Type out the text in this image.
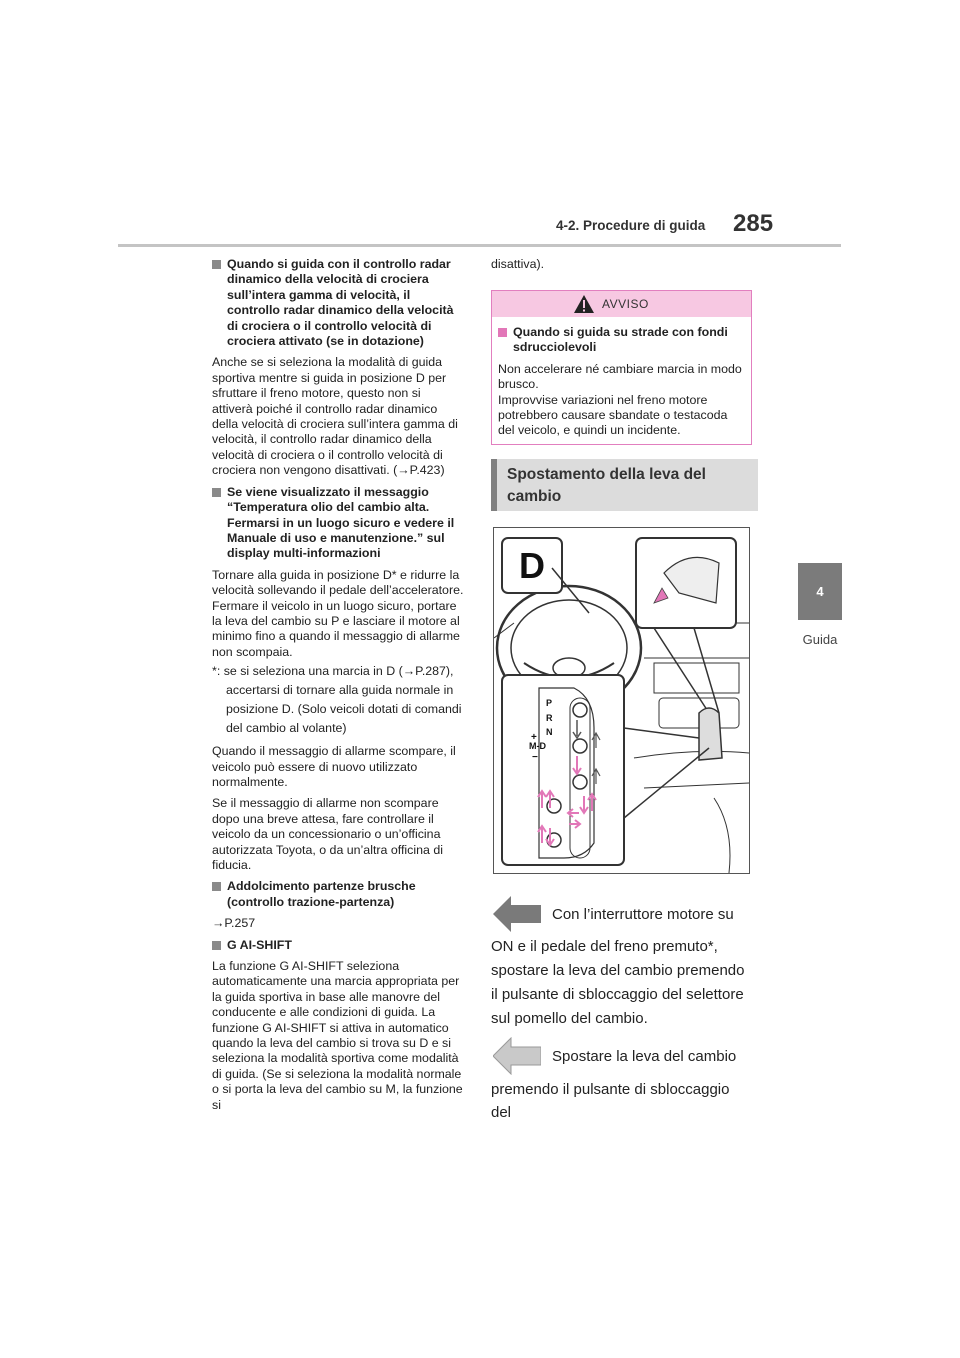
4-2. Procedure di guida 285
4
Guida

Quando si guida con il controllo radar dinamico della velocità di crociera sull’intera gamma di velocità, il controllo radar dinamico della velocità di crociera o il controllo velocità di crociera attivato (se in dotazione)

Anche se si seleziona la modalità di guida sportiva mentre si guida in posizione D per sfruttare il freno motore, questo non si attiverà poiché il controllo radar dinamico della velocità di crociera sull’intera gamma di velocità, il controllo radar dinamico della velocità di crociera o il controllo velocità di crociera non vengono disattivati. (→P.423)

Se viene visualizzato il messaggio “Temperatura olio del cambio alta. Fermarsi in un luogo sicuro e vedere il Manuale di uso e manutenzione.” sul display multi-informazioni

Tornare alla guida in posizione D* e ridurre la velocità sollevando il pedale dell’acceleratore. Fermare il veicolo in un luogo sicuro, portare la leva del cambio su P e lasciare il motore al minimo fino a quando il messaggio di allarme non scompaia.

*: se si seleziona una marcia in D (→P.287), accertarsi di tornare alla guida normale in posizione D. (Solo veicoli dotati di comandi del cambio al volante)

Quando il messaggio di allarme scompare, il veicolo può essere di nuovo utilizzato normalmente.

Se il messaggio di allarme non scompare dopo una breve attesa, fare controllare il veicolo da un concessionario o un’officina autorizzata Toyota, o da un’altra officina di fiducia.

Addolcimento partenze brusche (controllo trazione-partenza)

→P.257

G AI-SHIFT

La funzione G AI-SHIFT seleziona automaticamente una marcia appropriata per la guida sportiva in base alle manovre del conducente e alle condizioni di guida. La funzione G AI-SHIFT si attiva in automatico quando la leva del cambio si trova su D e si seleziona la modalità sportiva come modalità di guida. (Se si seleziona la modalità normale o si porta la leva del cambio su M, la funzione si

disattiva).
AVVISO

Quando si guida su strade con fondi sdrucciolevoli

Non accelerare né cambiare marcia in modo brusco.

Improvvise variazioni nel freno motore potrebbero causare sbandate o testacoda del veicolo, e quindi un incidente.

Spostamento della leva del cambio
D
P
R
N
M-D
+
−
Con l’interruttore motore su
ON e il pedale del freno premuto*, spostare la leva del cambio premendo il pulsante di sbloccaggio del selettore sul pomello del cambio.
Spostare la leva del cambio
premendo il pulsante di sbloccaggio del
